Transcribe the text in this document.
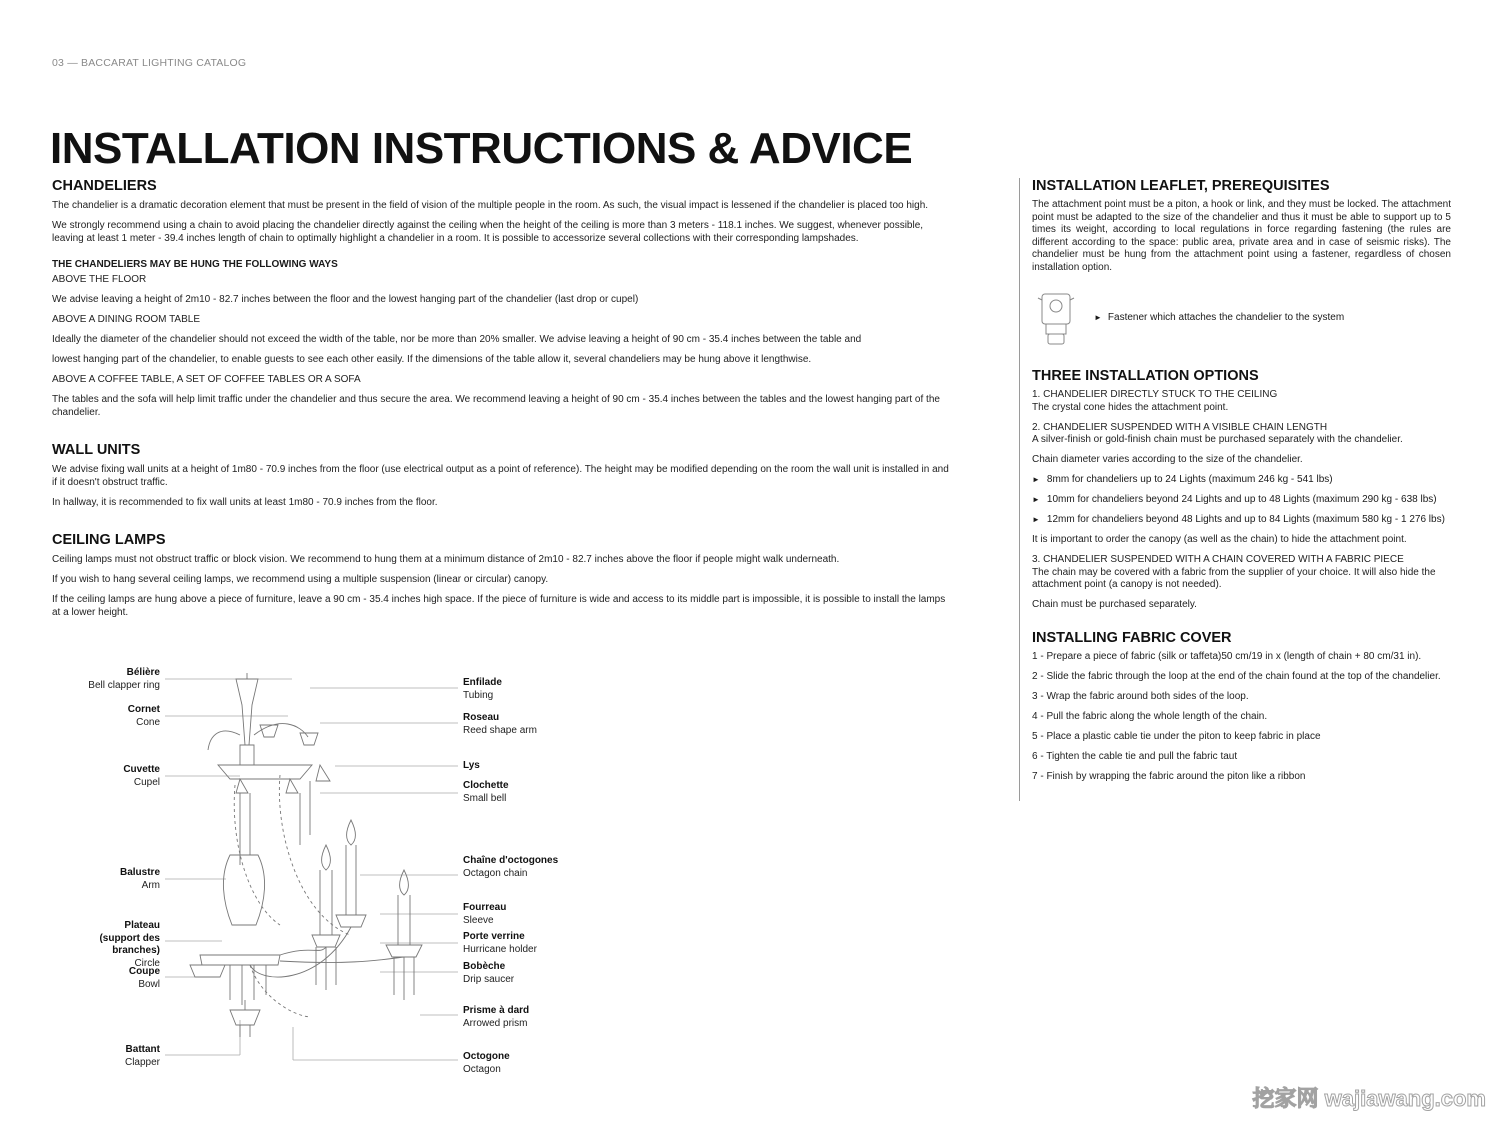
03 — BACCARAT LIGHTING CATALOG
INSTALLATION INSTRUCTIONS & ADVICE
CHANDELIERS

The chandelier is a dramatic decoration element that must be present in the field of vision of the multiple people in the room. As such, the visual impact is lessened if the chandelier is placed too high.

We strongly recommend using a chain to avoid placing the chandelier directly against the ceiling when the height of the ceiling is more than 3 meters - 118.1 inches. We suggest, whenever possible, leaving at least 1 meter - 39.4 inches length of chain to optimally highlight a chandelier in a room. It is possible to accessorize several collections with their corresponding lampshades.

THE CHANDELIERS MAY BE HUNG THE FOLLOWING WAYS

ABOVE THE FLOOR

We advise leaving a height of 2m10 - 82.7 inches between the floor and the lowest hanging part of the chandelier (last drop or cupel)

ABOVE A DINING ROOM TABLE

Ideally the diameter of the chandelier should not exceed the width of the table, nor be more than 20% smaller. We advise leaving a height of 90 cm - 35.4 inches between the table and

lowest hanging part of the chandelier, to enable guests to see each other easily. If the dimensions of the table allow it, several chandeliers may be hung above it lengthwise.

ABOVE A COFFEE TABLE, A SET OF COFFEE TABLES OR A SOFA

The tables and the sofa will help limit traffic under the chandelier and thus secure the area. We recommend leaving a height of 90 cm - 35.4 inches between the tables and the lowest hanging part of the chandelier.

WALL UNITS

We advise fixing wall units at a height of 1m80 - 70.9 inches from the floor (use electrical output as a point of reference). The height may be modified depending on the room the wall unit is installed in and if it doesn't obstruct traffic.

In hallway, it is recommended to fix wall units at least 1m80 - 70.9 inches from the floor.

CEILING LAMPS

Ceiling lamps must not obstruct traffic or block vision. We recommend to hung them at a minimum distance of 2m10 - 82.7 inches above the floor if people might walk underneath.

If you wish to hang several ceiling lamps, we recommend using a multiple suspension (linear or circular) canopy.

If the ceiling lamps are hung above a piece of furniture, leave a 90 cm - 35.4 inches high space. If the piece of furniture is wide and access to its middle part is impossible, it is possible to install the lamps at a lower height.

Bélière
Bell clapper ring
Cornet
Cone
Cuvette
Cupel
Balustre
Arm
Plateau
(support des branches)
Circle
Coupe
Bowl
Battant
Clapper
Enfilade
Tubing
Roseau
Reed shape arm
Lys
Clochette
Small bell
Chaîne d'octogones
Octagon chain
Fourreau
Sleeve
Porte verrine
Hurricane holder
Bobèche
Drip saucer
Prisme à dard
Arrowed prism
Octogone
Octagon
INSTALLATION LEAFLET, PREREQUISITES

The attachment point must be a piton, a hook or link, and they must be locked. The attachment point must be adapted to the size of the chandelier and thus it must be able to support up to 5 times its weight, according to local regulations in force regarding fastening (the rules are different according to the space: public area, private area and in case of seismic risks). The chandelier must be hung from the attachment point using a fastener, regardless of chosen installation option.

► Fastener which attaches the chandelier to the system
THREE INSTALLATION OPTIONS

1. CHANDELIER DIRECTLY STUCK TO THE CEILING
The crystal cone hides the attachment point.

2. CHANDELIER SUSPENDED WITH A VISIBLE CHAIN LENGTH
A silver-finish or gold-finish chain must be purchased separately with the chandelier.

Chain diameter varies according to the size of the chandelier.

► 8mm for chandeliers up to 24 Lights (maximum 246 kg - 541 lbs)
► 10mm for chandeliers beyond 24 Lights and up to 48 Lights (maximum 290 kg - 638 lbs)
► 12mm for chandeliers beyond 48 Lights and up to 84 Lights (maximum 580 kg - 1 276 lbs)

It is important to order the canopy (as well as the chain) to hide the attachment point.

3. CHANDELIER SUSPENDED WITH A CHAIN COVERED WITH A FABRIC PIECE
The chain may be covered with a fabric from the supplier of your choice. It will also hide the attachment point (a canopy is not needed).

Chain must be purchased separately.

INSTALLING FABRIC COVER

1 - Prepare a piece of fabric (silk or taffeta)50 cm/19 in x (length of chain + 80 cm/31 in).

2 - Slide the fabric through the loop at the end of the chain found at the top of the chandelier.

3 - Wrap the fabric around both sides of the loop.

4 - Pull the fabric along the whole length of the chain.

5 - Place a plastic cable tie under the piton to keep fabric in place

6 - Tighten the cable tie and pull the fabric taut

7 - Finish by wrapping the fabric around the piton like a ribbon

挖家网 wajiawang.com
